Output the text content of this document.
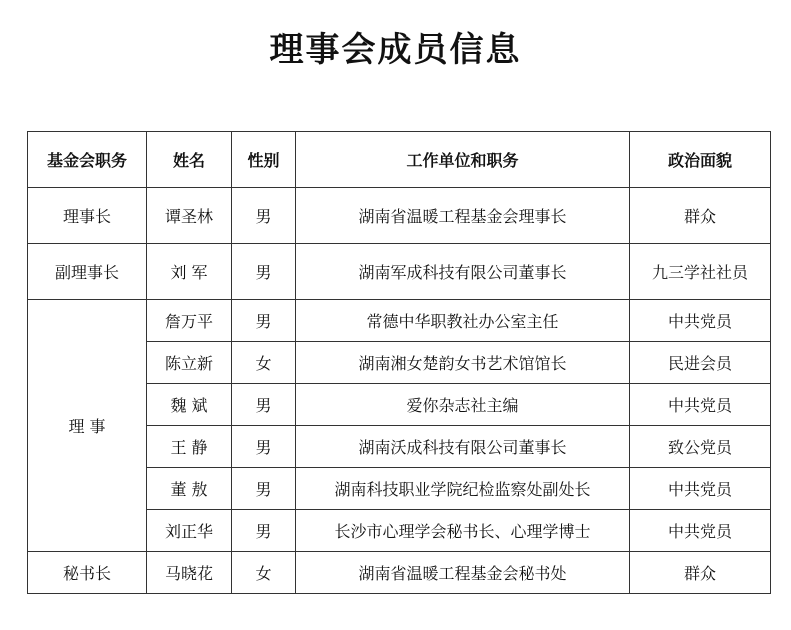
理事会成员信息
基金会职务	姓名	性别	工作单位和职务	政治面貌
理事长	谭圣林	男	湖南省温暖工程基金会理事长	群众
副理事长	刘 军	男	湖南军成科技有限公司董事长	九三学社社员
理 事	詹万平	男	常德中华职教社办公室主任	中共党员
	陈立新	女	湖南湘女楚韵女书艺术馆馆长	民进会员
	魏 斌	男	爱你杂志社主编	中共党员
	王 静	男	湖南沃成科技有限公司董事长	致公党员
	董 敖	男	湖南科技职业学院纪检监察处副处长	中共党员
	刘正华	男	长沙市心理学会秘书长、心理学博士	中共党员
秘书长	马晓花	女	湖南省温暖工程基金会秘书处	群众
